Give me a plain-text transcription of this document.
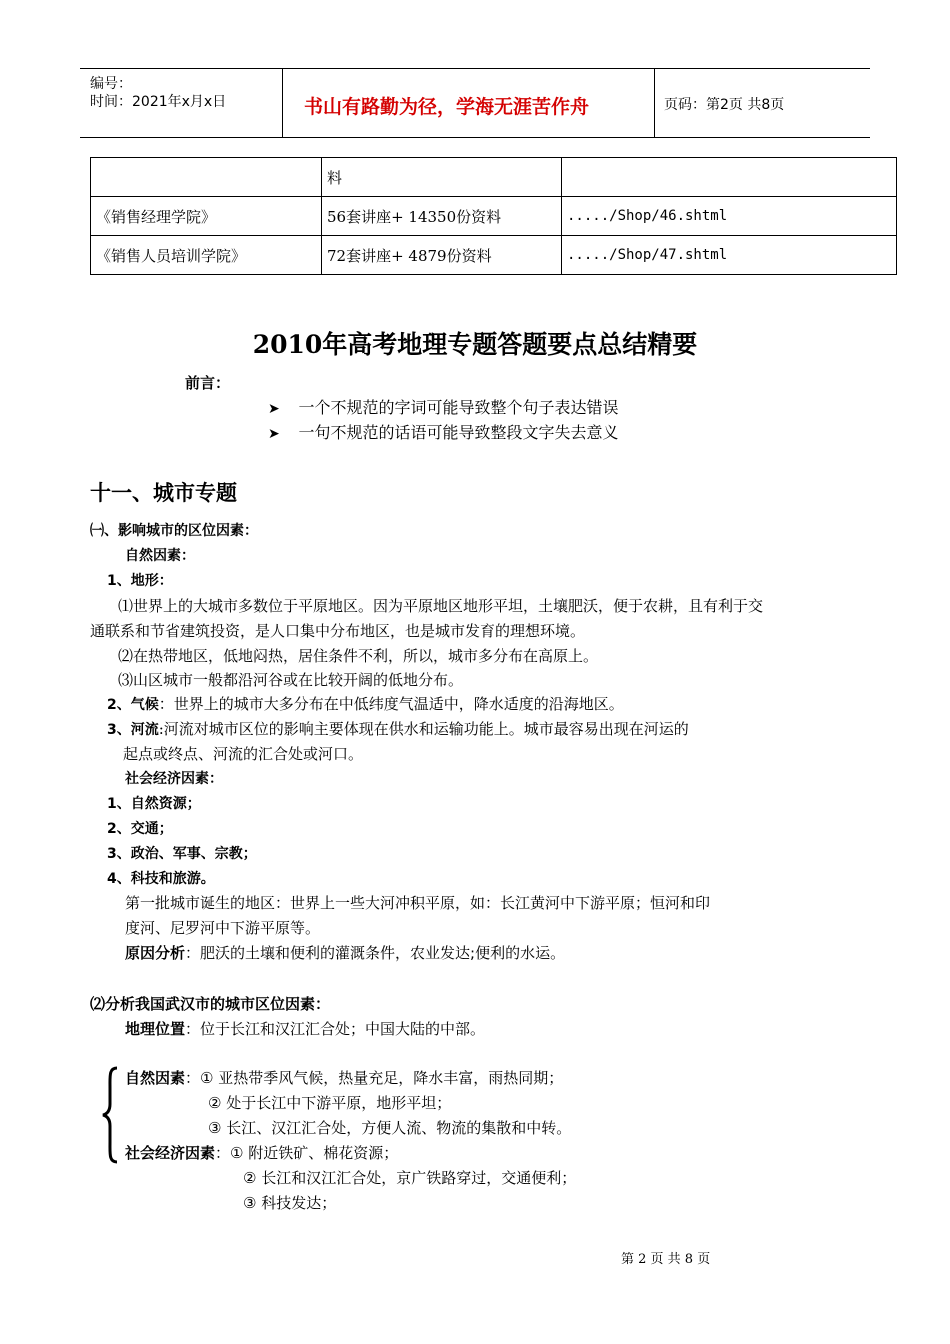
编号：
时间：2021年x月x日	书山有路勤为径，学海无涯苦作舟	页码：第2页 共8页
	料	
《销售经理学院》	56套讲座+ 14350份资料	...../Shop/46.shtml
《销售人员培训学院》	72套讲座+ 4879份资料	...../Shop/47.shtml
2010年高考地理专题答题要点总结精要
前言：
➤ 一个不规范的字词可能导致整个句子表达错误
➤ 一句不规范的话语可能导致整段文字失去意义
十一、城市专题
㈠、影响城市的区位因素：
自然因素：
1、地形：
⑴世界上的大城市多数位于平原地区。因为平原地区地形平坦，土壤肥沃，便于农耕，且有利于交
通联系和节省建筑投资，是人口集中分布地区，也是城市发育的理想环境。
⑵在热带地区，低地闷热，居住条件不利，所以，城市多分布在高原上。
⑶山区城市一般都沿河谷或在比较开阔的低地分布。
2、气候：世界上的城市大多分布在中低纬度气温适中，降水适度的沿海地区。
3、河流:河流对城市区位的影响主要体现在供水和运输功能上。城市最容易出现在河运的
起点或终点、河流的汇合处或河口。
社会经济因素：
1、自然资源；
2、交通；
3、政治、军事、宗教；
4、科技和旅游。
第一批城市诞生的地区：世界上一些大河冲积平原，如：长江黄河中下游平原；恒河和印
度河、尼罗河中下游平原等。
原因分析：肥沃的土壤和便利的灌溉条件，农业发达;便利的水运。
⑵分析我国武汉市的城市区位因素：
地理位置：位于长江和汉江汇合处；中国大陆的中部。
自然因素：① 亚热带季风气候，热量充足，降水丰富，雨热同期；
② 处于长江中下游平原，地形平坦；
③ 长江、汉江汇合处，方便人流、物流的集散和中转。
社会经济因素：① 附近铁矿、棉花资源；
② 长江和汉江汇合处，京广铁路穿过，交通便利；
③ 科技发达；
第 2 页 共 8 页
